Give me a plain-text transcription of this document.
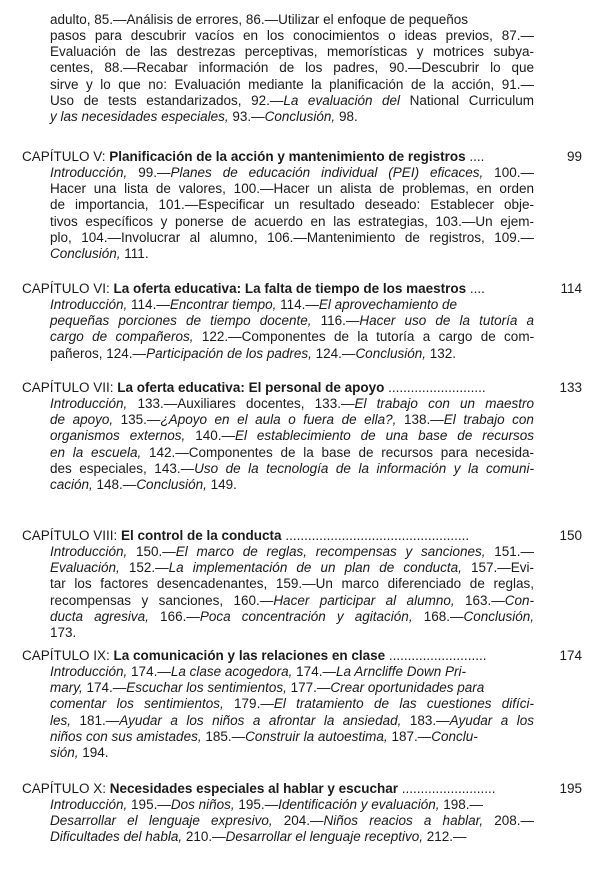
adulto, 85.—Análisis de errores, 86.—Utilizar el enfoque de pequeños
pasos para descubrir vacíos en los conocimientos o ideas previos, 87.—
Evaluación de las destrezas perceptivas, memorísticas y motrices subya-
centes, 88.—Recabar información de los padres, 90.—Descubrir lo que
sirve y lo que no: Evaluación mediante la planificación de la acción, 91.—
Uso de tests estandarizados, 92.—La evaluación del National Curriculum
y las necesidades especiales, 93.—Conclusión, 98.
CAPÍTULO V: Planificación de la acción y mantenimiento de registros ....	99
Introducción, 99.—Planes de educación individual (PEI) eficaces, 100.—
Hacer una lista de valores, 100.—Hacer un alista de problemas, en orden
de importancia, 101.—Especificar un resultado deseado: Establecer obje-
tivos específicos y ponerse de acuerdo en las estrategias, 103.—Un ejem-
plo, 104.—Involucrar al alumno, 106.—Mantenimiento de registros, 109.—
Conclusión, 111.
CAPÍTULO VI: La oferta educativa: La falta de tiempo de los maestros ....	114
Introducción, 114.—Encontrar tiempo, 114.—El aprovechamiento de
pequeñas porciones de tiempo docente, 116.—Hacer uso de la tutoría a
cargo de compañeros, 122.—Componentes de la tutoría a cargo de com-
pañeros, 124.—Participación de los padres, 124.—Conclusión, 132.
CAPÍTULO VII: La oferta educativa: El personal de apoyo ..........................	133
Introducción, 133.—Auxiliares docentes, 133.—El trabajo con un maestro
de apoyo, 135.—¿Apoyo en el aula o fuera de ella?, 138.—El trabajo con
organismos externos, 140.—El establecimiento de una base de recursos
en la escuela, 142.—Componentes de la base de recursos para necesida-
des especiales, 143.—Uso de la tecnología de la información y la comuni-
cación, 148.—Conclusión, 149.
CAPÍTULO VIII: El control de la conducta .................................................	150
Introducción, 150.—El marco de reglas, recompensas y sanciones, 151.—
Evaluación, 152.—La implementación de un plan de conducta, 157.—Evi-
tar los factores desencadenantes, 159.—Un marco diferenciado de reglas,
recompensas y sanciones, 160.—Hacer participar al alumno, 163.—Con-
ducta agresiva, 166.—Poca concentración y agitación, 168.—Conclusión,
173.
CAPÍTULO IX: La comunicación y las relaciones en clase ..........................	174
Introducción, 174.—La clase acogedora, 174.—La Arncliffe Down Pri-
mary, 174.—Escuchar los sentimientos, 177.—Crear oportunidades para
comentar los sentimientos, 179.—El tratamiento de las cuestiones difíci-
les, 181.—Ayudar a los niños a afrontar la ansiedad, 183.—Ayudar a los
niños con sus amistades, 185.—Construir la autoestima, 187.—Conclu-
sión, 194.
CAPÍTULO X: Necesidades especiales al hablar y escuchar .........................	195
Introducción, 195.—Dos niños, 195.—Identificación y evaluación, 198.—
Desarrollar el lenguaje expresivo, 204.—Niños reacios a hablar, 208.—
Dificultades del habla, 210.—Desarrollar el lenguaje receptivo, 212.—
